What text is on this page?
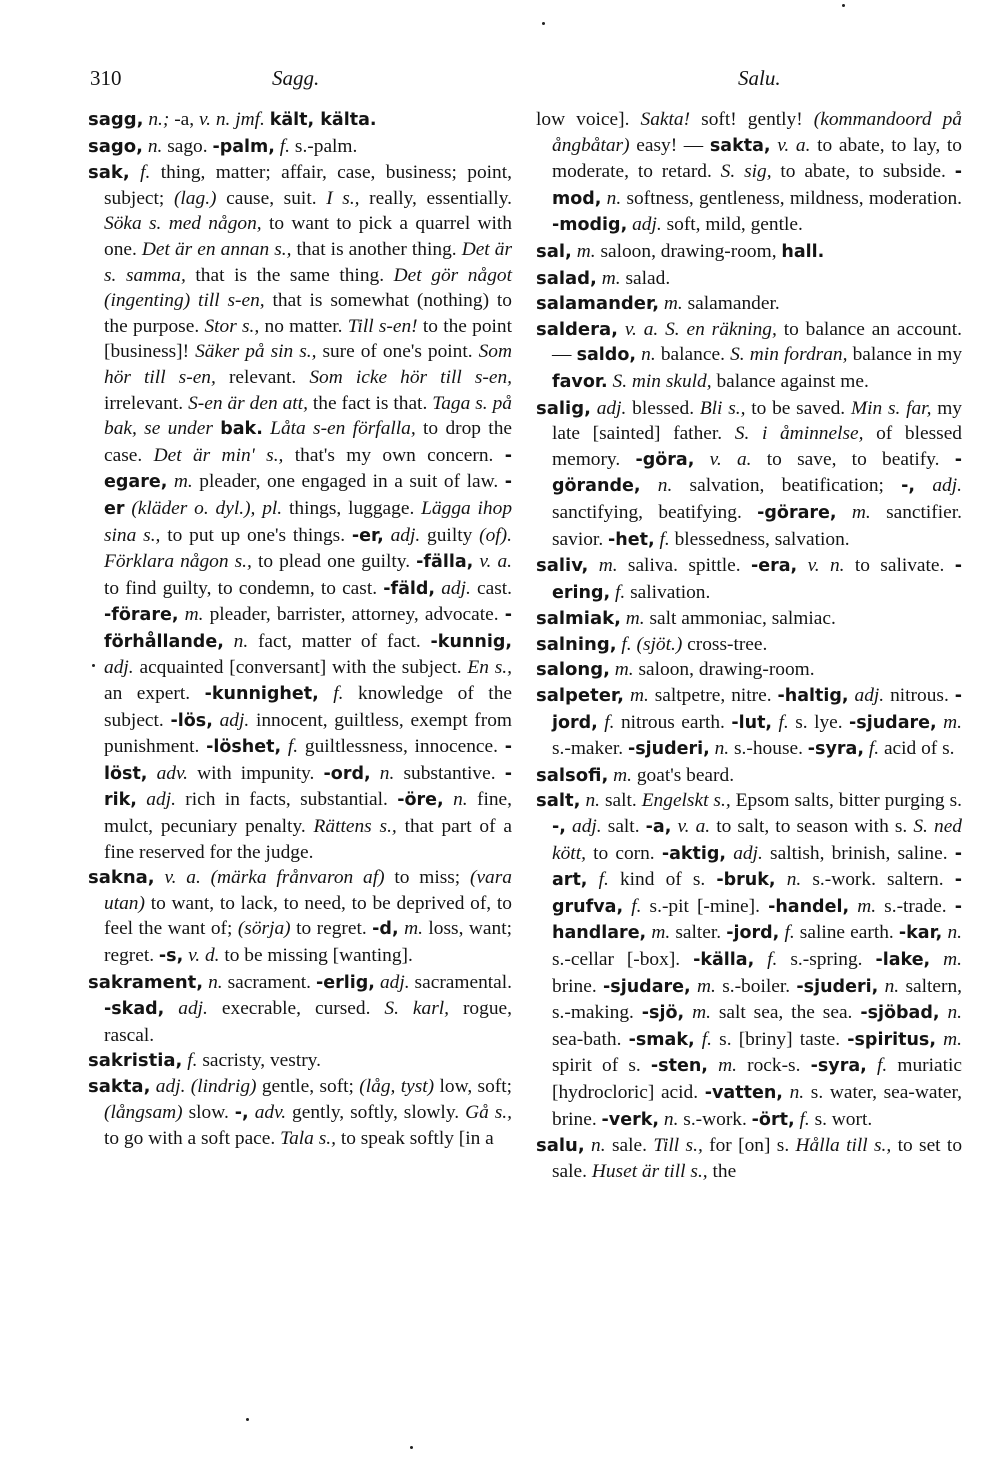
310	Sagg.	Salu.

sagg, n.; -a, v. n. jmf. kält, kälta.

sago, n. sago. -palm, f. s.-palm.

sak, f. thing, matter; affair, case, business; point, subject; (lag.) cause, suit. I s., really, essentially. Söka s. med någon, to want to pick a quarrel with one. Det är en annan s., that is another thing. Det är s. samma, that is the same thing. Det gör något (ingenting) till s-en, that is somewhat (nothing) to the purpose. Stor s., no matter. Till s-en! to the point [business]! Säker på sin s., sure of one's point. Som hör till s-en, relevant. Som icke hör till s-en, irrelevant. S-en är den att, the fact is that. Taga s. på bak, se under bak. Låta s-en förfalla, to drop the case. Det är min' s., that's my own concern. -egare, m. pleader, one engaged in a suit of law. -er (kläder o. dyl.), pl. things, luggage. Lägga ihop sina s., to put up one's things. -er, adj. guilty (of). Förklara någon s., to plead one guilty. -fälla, v. a. to find guilty, to condemn, to cast. -fäld, adj. cast. -förare, m. pleader, barrister, attorney, advocate. -förhållande, n. fact, matter of fact. -kunnig, adj. acquainted [conversant] with the subject. En s., an expert. -kunnighet, f. knowledge of the subject. -lös, adj. innocent, guiltless, exempt from punishment. -löshet, f. guiltlessness, innocence. -löst, adv. with impunity. -ord, n. substantive. -rik, adj. rich in facts, substantial. -öre, n. fine, mulct, pecuniary penalty. Rättens s., that part of a fine reserved for the judge.

sakna, v. a. (märka frånvaron af) to miss; (vara utan) to want, to lack, to need, to be deprived of, to feel the want of; (sörja) to regret. -d, m. loss, want; regret. -s, v. d. to be missing [wanting].

sakrament, n. sacrament. -erlig, adj. sacramental. -skad, adj. execrable, cursed. S. karl, rogue, rascal.

sakristia, f. sacristy, vestry.

sakta, adj. (lindrig) gentle, soft; (låg, tyst) low, soft; (långsam) slow. -, adv. gently, softly, slowly. Gå s., to go with a soft pace. Tala s., to speak softly [in a

low voice]. Sakta! soft! gently! (kommandoord på ångbåtar) easy! — sakta, v. a. to abate, to lay, to moderate, to retard. S. sig, to abate, to subside. -mod, n. softness, gentleness, mildness, moderation. -modig, adj. soft, mild, gentle.

sal, m. saloon, drawing-room, hall.

salad, m. salad.

salamander, m. salamander.

saldera, v. a. S. en räkning, to balance an account. — saldo, n. balance. S. min fordran, balance in my favor. S. min skuld, balance against me.

salig, adj. blessed. Bli s., to be saved. Min s. far, my late [sainted] father. S. i åminnelse, of blessed memory. -göra, v. a. to save, to beatify. -görande, n. salvation, beatification; -, adj. sanctifying, beatifying. -görare, m. sanctifier. savior. -het, f. blessedness, salvation.

saliv, m. saliva. spittle. -era, v. n. to salivate. -ering, f. salivation.

salmiak, m. salt ammoniac, salmiac.

salning, f. (sjöt.) cross-tree.

salong, m. saloon, drawing-room.

salpeter, m. saltpetre, nitre. -haltig, adj. nitrous. -jord, f. nitrous earth. -lut, f. s. lye. -sjudare, m. s.-maker. -sjuderi, n. s.-house. -syra, f. acid of s.

salsofi, m. goat's beard.

salt, n. salt. Engelskt s., Epsom salts, bitter purging s. -, adj. salt. -a, v. a. to salt, to season with s. S. ned kött, to corn. -aktig, adj. saltish, brinish, saline. -art, f. kind of s. -bruk, n. s.-work. saltern. -grufva, f. s.-pit [-mine]. -handel, m. s.-trade. -handlare, m. salter. -jord, f. saline earth. -kar, n. s.-cellar [-box]. -källa, f. s.-spring. -lake, m. brine. -sjudare, m. s.-boiler. -sjuderi, n. saltern, s.-making. -sjö, m. salt sea, the sea. -sjöbad, n. sea-bath. -smak, f. s. [briny] taste. -spiritus, m. spirit of s. -sten, m. rock-s. -syra, f. muriatic [hydrocloric] acid. -vatten, n. s. water, sea-water, brine. -verk, n. s.-work. -ört, f. s. wort.

salu, n. sale. Till s., for [on] s. Hålla till s., to set to sale. Huset är till s., the
